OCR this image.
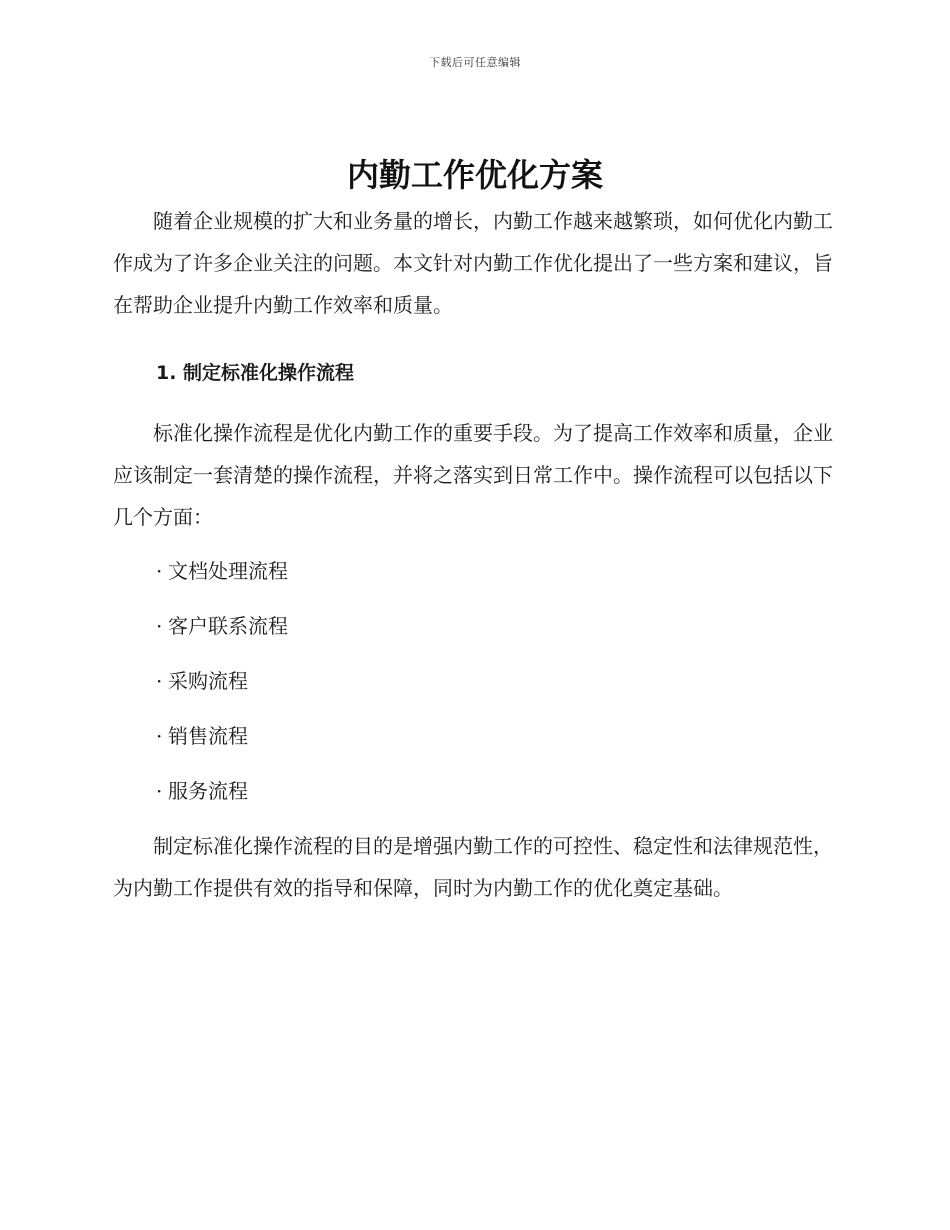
下载后可任意编辑
内勤工作优化方案

随着企业规模的扩大和业务量的增长，内勤工作越来越繁琐，如何优化内勤工作成为了许多企业关注的问题。本文针对内勤工作优化提出了一些方案和建议，旨在帮助企业提升内勤工作效率和质量。

1. 制定标准化操作流程

标准化操作流程是优化内勤工作的重要手段。为了提高工作效率和质量，企业应该制定一套清楚的操作流程，并将之落实到日常工作中。操作流程可以包括以下几个方面：

· 文档处理流程
· 客户联系流程
· 采购流程
· 销售流程
· 服务流程

制定标准化操作流程的目的是增强内勤工作的可控性、稳定性和法律规范性，为内勤工作提供有效的指导和保障，同时为内勤工作的优化奠定基础。
